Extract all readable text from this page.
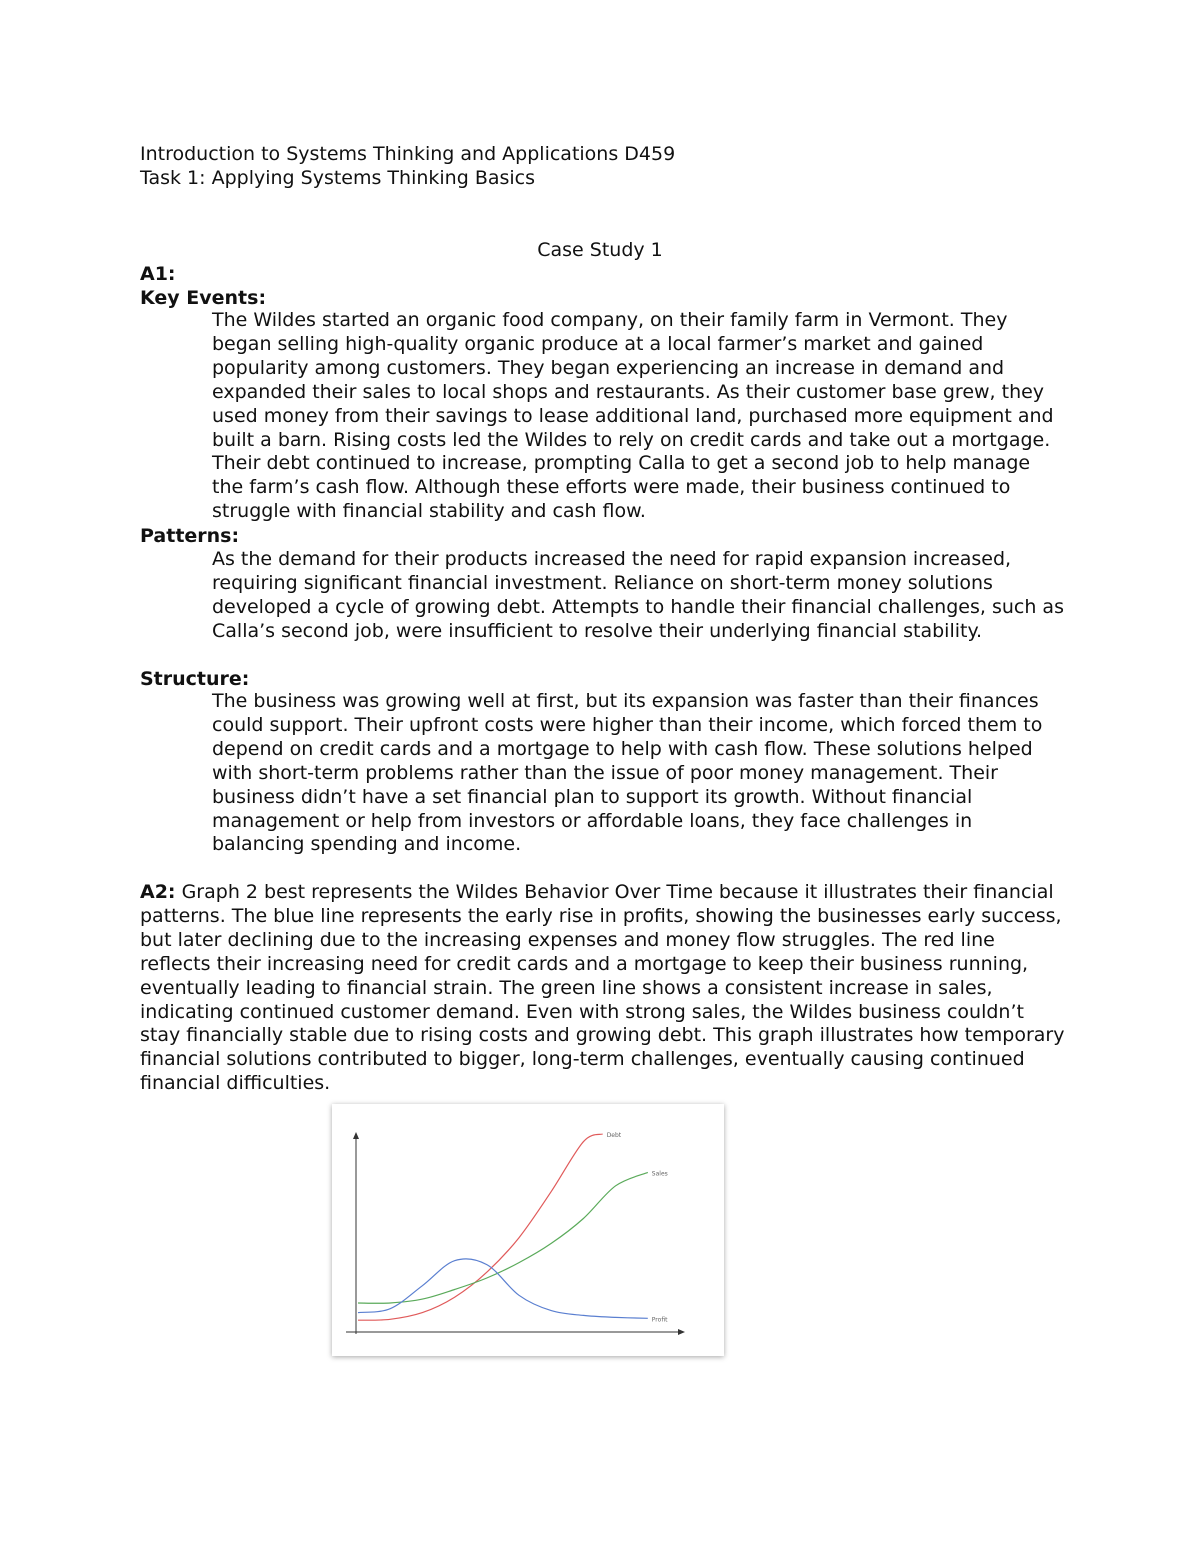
Introduction to Systems Thinking and Applications D459

Task 1: Applying Systems Thinking Basics

Case Study 1

A1:

Key Events:

The Wildes started an organic food company, on their family farm in Vermont. They began selling high-quality organic produce at a local farmer’s market and gained popularity among customers. They began experiencing an increase in demand and expanded their sales to local shops and restaurants. As their customer base grew, they used money from their savings to lease additional land, purchased more equipment and built a barn. Rising costs led the Wildes to rely on credit cards and take out a mortgage. Their debt continued to increase, prompting Calla to get a second job to help manage the farm’s cash flow. Although these efforts were made, their business continued to struggle with financial stability and cash flow.

Patterns:

As the demand for their products increased the need for rapid expansion increased, requiring significant financial investment. Reliance on short-term money solutions developed a cycle of growing debt. Attempts to handle their financial challenges, such as Calla’s second job, were insufficient to resolve their underlying financial stability.

Structure:

The business was growing well at first, but its expansion was faster than their finances could support. Their upfront costs were higher than their income, which forced them to depend on credit cards and a mortgage to help with cash flow. These solutions helped with short-term problems rather than the issue of poor money management. Their business didn’t have a set financial plan to support its growth. Without financial management or help from investors or affordable loans, they face challenges in balancing spending and income.

A2: Graph 2 best represents the Wildes Behavior Over Time because it illustrates their financial patterns. The blue line represents the early rise in profits, showing the businesses early success, but later declining due to the increasing expenses and money flow struggles. The red line reflects their increasing need for credit cards and a mortgage to keep their business running, eventually leading to financial strain. The green line shows a consistent increase in sales, indicating continued customer demand. Even with strong sales, the Wildes business couldn’t stay financially stable due to rising costs and growing debt. This graph illustrates how temporary financial solutions contributed to bigger, long-term challenges, eventually causing continued financial difficulties.

Debt
Sales
Profit
